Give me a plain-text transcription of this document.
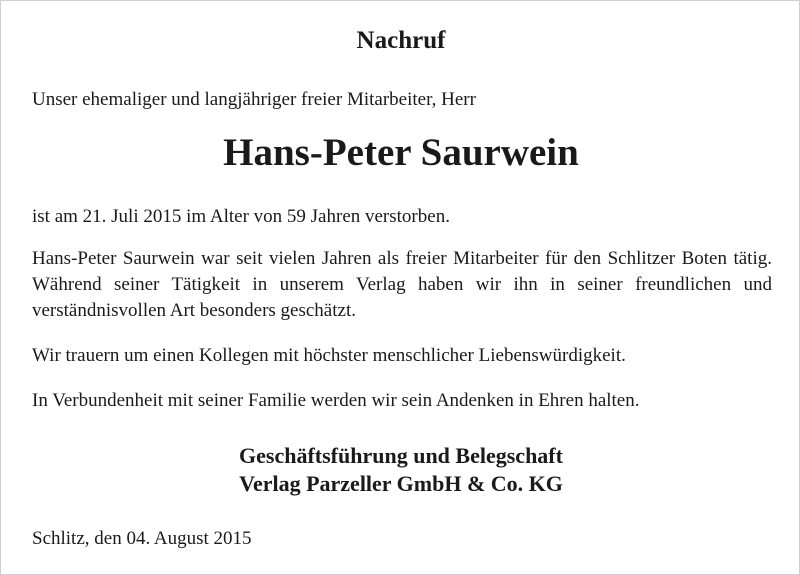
Nachruf
Unser ehemaliger und langjähriger freier Mitarbeiter, Herr
Hans-Peter Saurwein
ist am 21. Juli 2015 im Alter von 59 Jahren verstorben.
Hans-Peter Saurwein war seit vielen Jahren als freier Mitarbeiter für den Schlitzer Boten tätig. Während seiner Tätigkeit in unserem Verlag haben wir ihn in seiner freundlichen und verständnisvollen Art besonders geschätzt.
Wir trauern um einen Kollegen mit höchster menschlicher Liebenswürdigkeit.
In Verbundenheit mit seiner Familie werden wir sein Andenken in Ehren halten.
Geschäftsführung und Belegschaft
Verlag Parzeller GmbH & Co. KG
Schlitz, den 04. August 2015
